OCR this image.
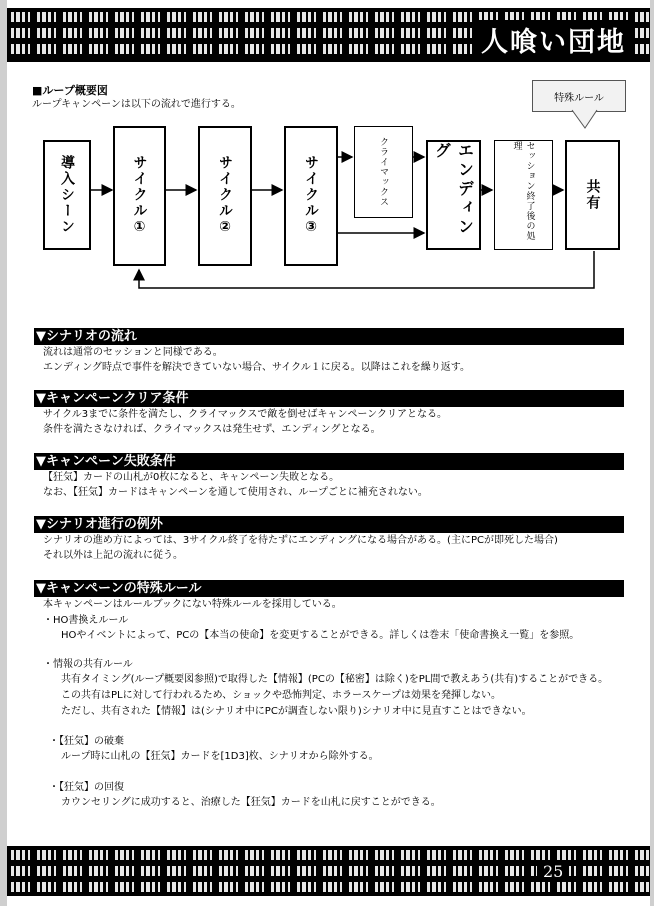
人喰い団地
■ループ概要図
ループキャンペーンは以下の流れで進行する。
特殊ルール
導入シーン	サイクル①	サイクル②	サイクル③	クライマックス	エンディング	セッション終了後の処理
共有
▼シナリオの流れ
流れは通常のセッションと同様である。
エンディング時点で事件を解決できていない場合、サイクル１に戻る。以降はこれを繰り返す。
▼キャンペーンクリア条件
サイクル3までに条件を満たし、クライマックスで敵を倒せばキャンペーンクリアとなる。
条件を満たさなければ、クライマックスは発生せず、エンディングとなる。
▼キャンペーン失敗条件
【狂気】カードの山札が0枚になると、キャンペーン失敗となる。
なお、【狂気】カードはキャンペーンを通して使用され、ループごとに補充されない。
▼シナリオ進行の例外
シナリオの進め方によっては、3サイクル終了を待たずにエンディングになる場合がある。(主にPCが即死した場合)
それ以外は上記の流れに従う。
▼キャンペーンの特殊ルール
本キャンペーンはルールブックにない特殊ルールを採用している。
・HO書換えルール
HOやイベントによって、PCの【本当の使命】を変更することができる。詳しくは巻末「使命書換え一覧」を参照。
・情報の共有ルール
共有タイミング(ループ概要図参照)で取得した【情報】(PCの【秘密】は除く)をPL間で教えあう(共有)することができる。
この共有はPLに対して行われるため、ショックや恐怖判定、ホラースケープは効果を発揮しない。
ただし、共有された【情報】は(シナリオ中にPCが調査しない限り)シナリオ中に見直すことはできない。
・【狂気】の破棄
ループ時に山札の【狂気】カードを[1D3]枚、シナリオから除外する。
・【狂気】の回復
カウンセリングに成功すると、治療した【狂気】カードを山札に戻すことができる。
25
